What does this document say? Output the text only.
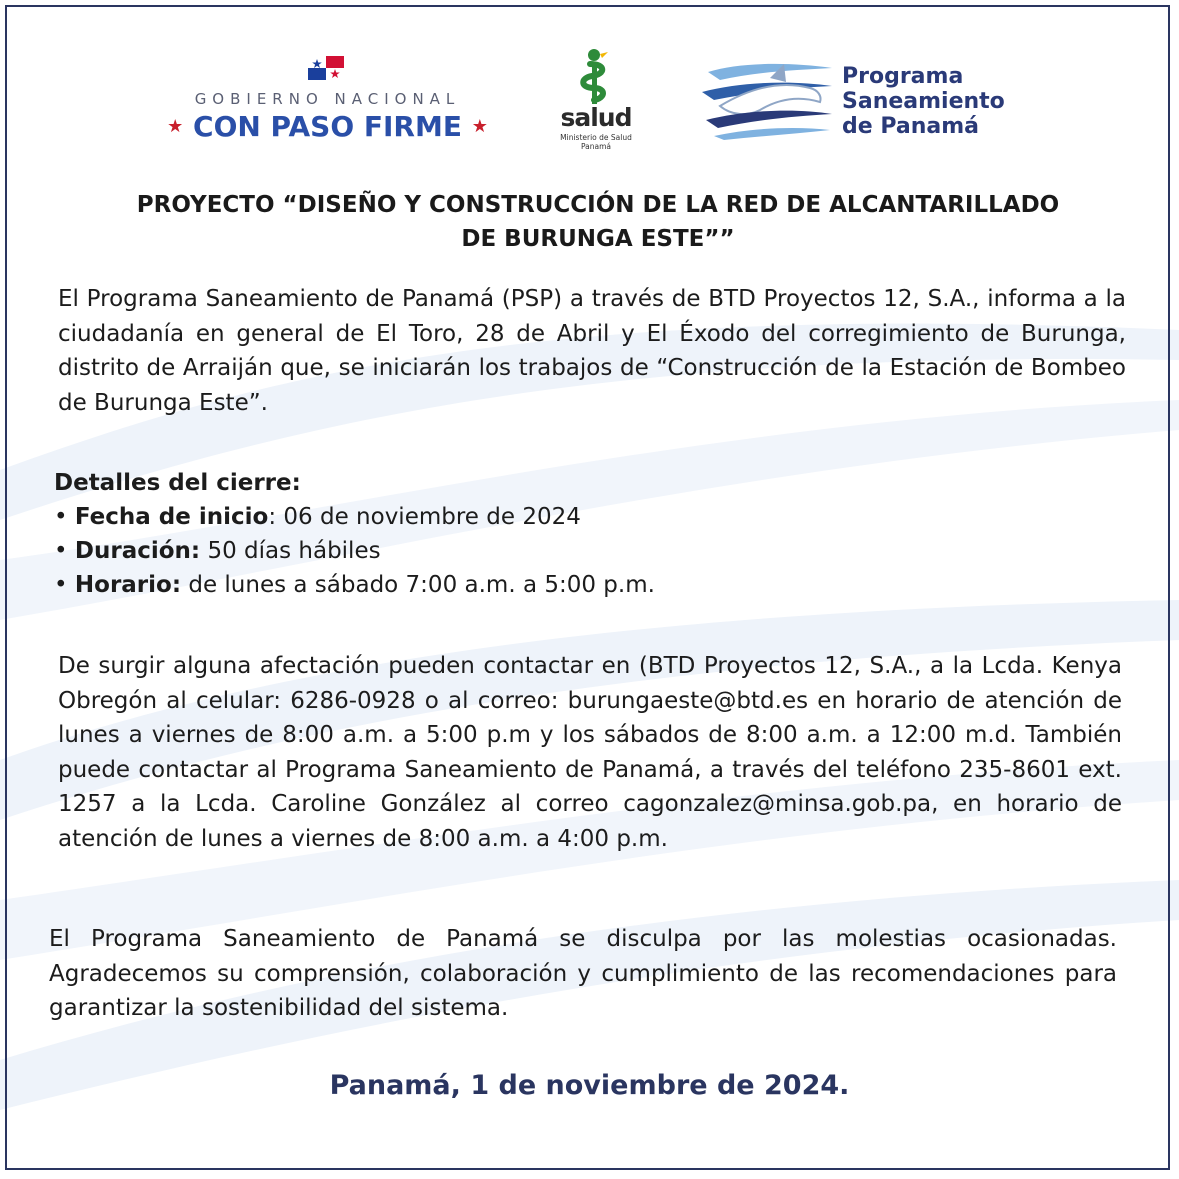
GOBIERNO NACIONAL
★ CON PASO FIRME ★	salud
Ministerio de Salud
Panamá
Programa
Saneamiento
de Panamá
PROYECTO “DISEÑO Y CONSTRUCCIÓN DE LA RED DE ALCANTARILLADO
DE BURUNGA ESTE””
El Programa Saneamiento de Panamá (PSP) a través de BTD Proyectos 12, S.A., informa a la ciudadanía en general de El Toro, 28 de Abril y El Éxodo del corregimiento de Burunga, distrito de Arraiján que, se iniciarán los trabajos de “Construcción de la Estación de Bombeo de Burunga Este”.
Detalles del cierre:
• Fecha de inicio: 06 de noviembre de 2024
• Duración: 50 días hábiles
• Horario: de lunes a sábado 7:00 a.m. a 5:00 p.m.
De surgir alguna afectación pueden contactar en (BTD Proyectos 12, S.A., a la Lcda. Kenya Obregón al celular: 6286-0928 o al correo: burungaeste@btd.es en horario de atención de lunes a viernes de 8:00 a.m. a 5:00 p.m y los sábados de 8:00 a.m. a 12:00 m.d. También puede contactar al Programa Saneamiento de Panamá, a través del teléfono 235-8601 ext. 1257 a la Lcda. Caroline González al correo cagonzalez@minsa.gob.pa, en horario de atención de lunes a viernes de 8:00 a.m. a 4:00 p.m.
El Programa Saneamiento de Panamá se disculpa por las molestias ocasionadas. Agradecemos su comprensión, colaboración y cumplimiento de las recomendaciones para garantizar la sostenibilidad del sistema.
Panamá, 1 de noviembre de 2024.
